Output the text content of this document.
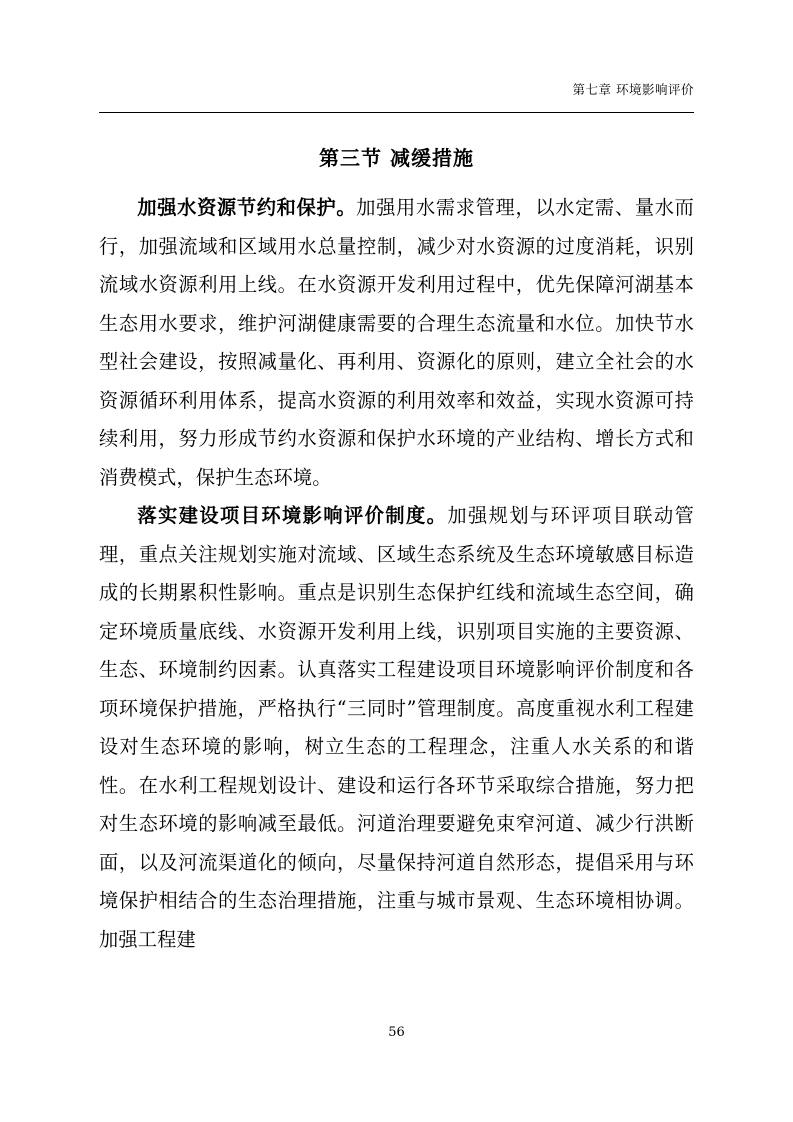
第七章 环境影响评价
第三节 减缓措施

加强水资源节约和保护。加强用水需求管理，以水定需、量水而行，加强流域和区域用水总量控制，减少对水资源的过度消耗，识别流域水资源利用上线。在水资源开发利用过程中，优先保障河湖基本生态用水要求，维护河湖健康需要的合理生态流量和水位。加快节水型社会建设，按照减量化、再利用、资源化的原则，建立全社会的水资源循环利用体系，提高水资源的利用效率和效益，实现水资源可持续利用，努力形成节约水资源和保护水环境的产业结构、增长方式和消费模式，保护生态环境。

落实建设项目环境影响评价制度。加强规划与环评项目联动管理，重点关注规划实施对流域、区域生态系统及生态环境敏感目标造成的长期累积性影响。重点是识别生态保护红线和流域生态空间，确定环境质量底线、水资源开发利用上线，识别项目实施的主要资源、生态、环境制约因素。认真落实工程建设项目环境影响评价制度和各项环境保护措施，严格执行“三同时”管理制度。高度重视水利工程建设对生态环境的影响，树立生态的工程理念，注重人水关系的和谐性。在水利工程规划设计、建设和运行各环节采取综合措施，努力把对生态环境的影响减至最低。河道治理要避免束窄河道、减少行洪断面，以及河流渠道化的倾向，尽量保持河道自然形态，提倡采用与环境保护相结合的生态治理措施，注重与城市景观、生态环境相协调。加强工程建

56
